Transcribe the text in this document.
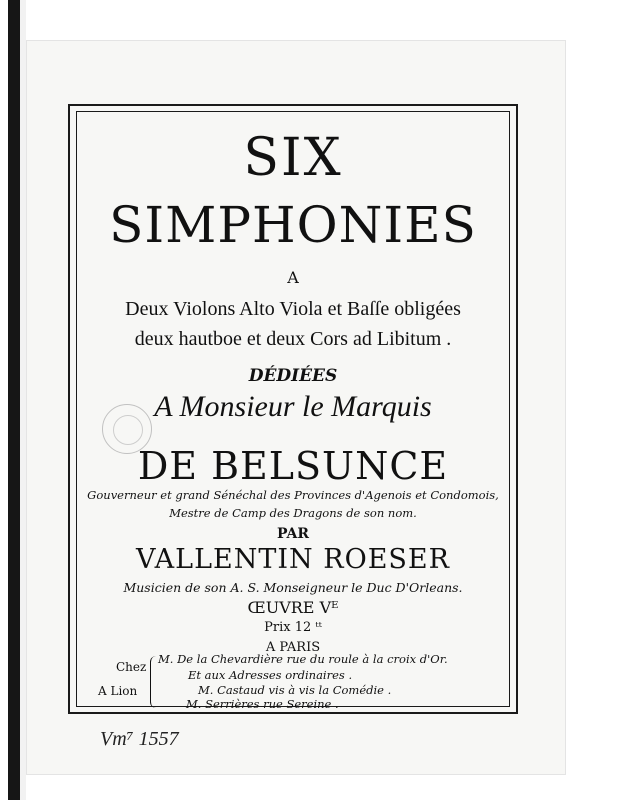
SIX
SIMPHONIES
A
Deux Violons Alto Viola et Baſſe obligées
deux hautboe et deux Cors ad Libitum .
DÉDIÉES
A Monsieur le Marquis
DE BELSUNCE
Gouverneur et grand Sénéchal des Provinces d'Agenois et Condomois,
Mestre de Camp des Dragons de son nom.
PAR
VALLENTIN ROESER
Musicien de son A. S. Monseigneur le Duc D'Orleans.
ŒUVRE Vᴱ
Prix 12 ᵗᵗ
A PARIS
Chez
A Lion
M. De la Chevardière rue du roule à la croix d'Or.
Et aux Adresses ordinaires .
M. Castaud vis à vis la Comédie .
M. Serrières rue Sereine .
Vm⁷ 1557
